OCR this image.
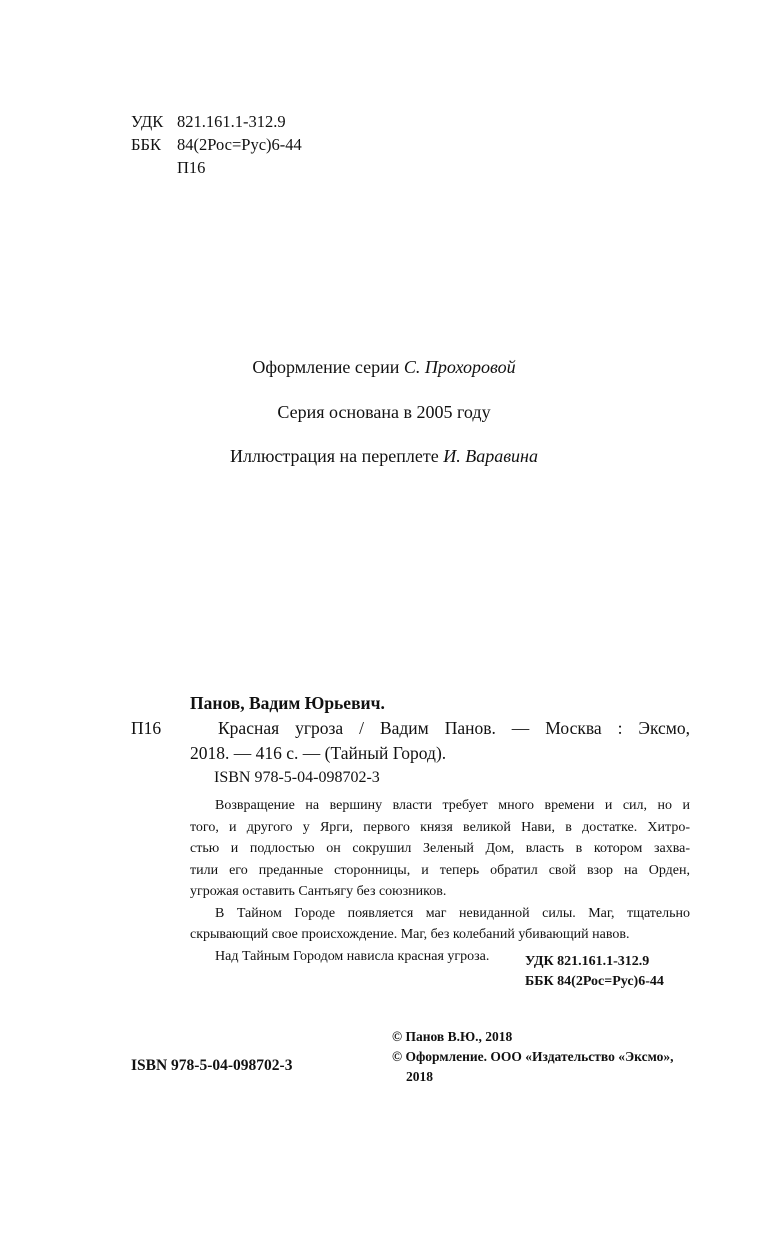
УДК 821.161.1-312.9
ББК 84(2Рос=Рус)6-44
П16
Оформление серии С. Прохоровой
Серия основана в 2005 году
Иллюстрация на переплете И. Варавина
Панов, Вадим Юрьевич.
П16	Красная угроза / Вадим Панов. — Москва : Эксмо,
2018. — 416 с. — (Тайный Город).
ISBN 978-5-04-098702-3
Возвращение на вершину власти требует много времени и сил, но и
того, и другого у Ярги, первого князя великой Нави, в достатке. Хитро-
стью и подлостью он сокрушил Зеленый Дом, власть в котором захва-
тили его преданные сторонницы, и теперь обратил свой взор на Орден,
угрожая оставить Сантьягу без союзников.
В Тайном Городе появляется маг невиданной силы. Маг, тщательно
скрывающий свое происхождение. Маг, без колебаний убивающий навов.
Над Тайным Городом нависла красная угроза.	УДК 821.161.1-312.9
ББК 84(2Рос=Рус)6-44
© Панов В.Ю., 2018
© Оформление. ООО «Издательство «Эксмо»,
2018
ISBN 978-5-04-098702-3
